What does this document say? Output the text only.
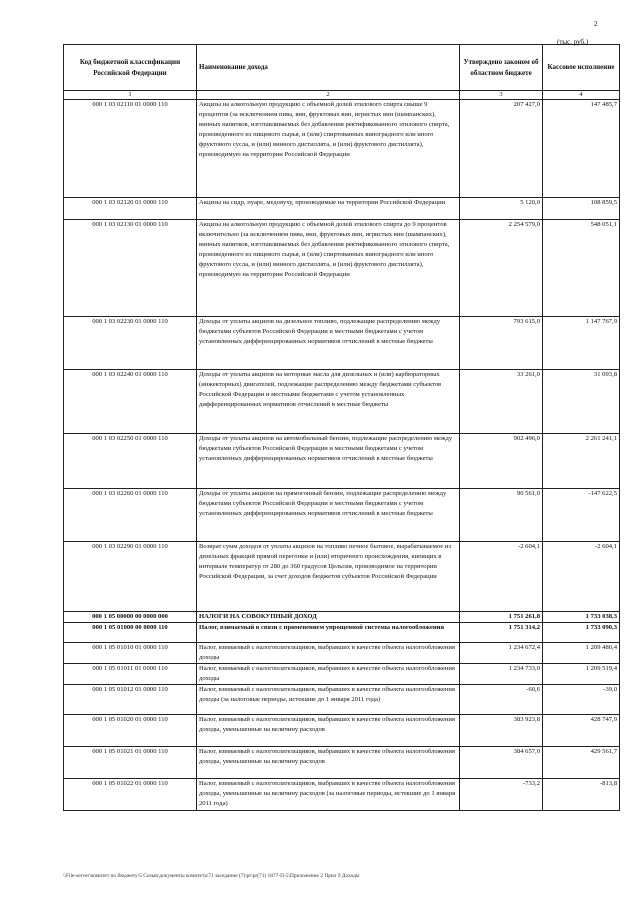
2
(тыс. руб.)
Код бюджетной классификации Российской Федерации	Наименование дохода	Утверждено законом об областном бюджете	Кассовое исполнение
1	2	3	4
000 1 03 02110 01 0000 110	Акцизы на алкогольную продукцию с объемной долей этилового спирта свыше 9 процентов (за исключением пива, вин, фруктовых вин, игристых вин (шампанских), винных напитков, изготавливаемых без добавления ректификованного этилового спирта, произведенного из пищевого сырья, и (или) спиртованных виноградного или иного фруктового сусла, и (или) винного дистиллята, и (или) фруктового дистиллята), производимую на территории Российской Федерации	207 427,0	147 485,7
000 1 03 02120 01 0000 110	Акцизы на сидр, пуаре, медовуху, производимые на территории Российской Федерации	5 120,0	108 859,5
000 1 03 02130 01 0000 110	Акцизы на алкогольную продукцию с объемной долей этилового спирта до 9 процентов включительно (за исключением пива, вин, фруктовых вин, игристых вин (шампанских), винных напитков, изготавливаемых без добавления ректификованного этилового спирта, произведенного из пищевого сырья, и (или) спиртованных виноградного или иного фруктового сусла, и (или) винного дистиллята, и (или) фруктового дистиллята), производимую на территории Российской Федерации	2 254 579,0	548 051,1
000 1 03 02230 01 0000 110	Доходы от уплаты акцизов на дизельное топливо, подлежащие распределению между бюджетами субъектов Российской Федерации и местными бюджетами с учетом установленных дифференцированных нормативов отчислений в местные бюджеты	793 615,0	1 147 767,9
000 1 03 02240 01 0000 110	Доходы от уплаты акцизов на моторные масла для дизельных и (или) карбюраторных (инжекторных) двигателей, подлежащие распределению между бюджетами субъектов Российской Федерации и местными бюджетами с учетом установленных дифференцированных нормативов отчислений в местные бюджеты	33 261,0	31 093,8
000 1 03 02250 01 0000 110	Доходы от уплаты акцизов на автомобильный бензин, подлежащие распределению между бюджетами субъектов Российской Федерации и местными бюджетами с учетом установленных дифференцированных нормативов отчислений в местные бюджеты	902 496,0	2 261 241,1
000 1 03 02260 01 0000 110	Доходы от уплаты акцизов на прямогонный бензин, подлежащие распределению между бюджетами субъектов Российской Федерации и местными бюджетами с учетом установленных дифференцированных нормативов отчислений в местные бюджеты	90 561,0	-147 622,5
000 1 03 02290 01 0000 110	Возврат сумм доходов от уплаты акцизов на топливо печное бытовое, вырабатываемое из дизельных фракций прямой перегонки и (или) вторичного происхождения, кипящих в интервале температур от 280 до 360 градусов Цельсия, производимое на территории Российской Федерации, за счет доходов бюджетов субъектов Российской Федерации	-2 604,1	-2 604,1
000 1 05 00000 00 0000 000	НАЛОГИ НА СОВОКУПНЫЙ ДОХОД	1 751 261,8	1 733 038,3
000 1 05 01000 00 0000 110	Налог, взимаемый в связи с применением упрощенной системы налогообложения	1 751 314,2	1 733 090,3
000 1 05 01010 01 0000 110	Налог, взимаемый с налогоплательщиков, выбравших в качестве объекта налогообложения доходы	1 234 672,4	1 209 480,4
000 1 05 01011 01 0000 110	Налог, взимаемый с налогоплательщиков, выбравших в качестве объекта налогообложения доходы	1 234 733,0	1 209 519,4
000 1 05 01012 01 0000 110	Налог, взимаемый с налогоплательщиков, выбравших в качестве объекта налогообложения доходы (за налоговые периоды, истекшие до 1 января 2011 года)	-60,6	-39,0
000 1 05 01020 01 0000 110	Налог, взимаемый с налогоплательщиков, выбравших в качестве объекта налогообложения доходы, уменьшенные на величину расходов	383 923,8	428 747,9
000 1 05 01021 01 0000 110	Налог, взимаемый с налогоплательщиков, выбравших в качестве объекта налогообложения доходы, уменьшенные на величину расходов	384 657,0	429 561,7
000 1 05 01022 01 0000 110	Налог, взимаемый с налогоплательщиков, выбравших в качестве объекта налогообложения доходы, уменьшенные на величину расходов (за налоговые периоды, истекшие до 1 января 2011 года)	-733,2	-813,8
\\File-server\комитет по бюджету\5 Созыв\документы комитета\71 заседание (7)\pr\pr(71) 1877-П-5\Приложение 2 Прил 9 Доходы
